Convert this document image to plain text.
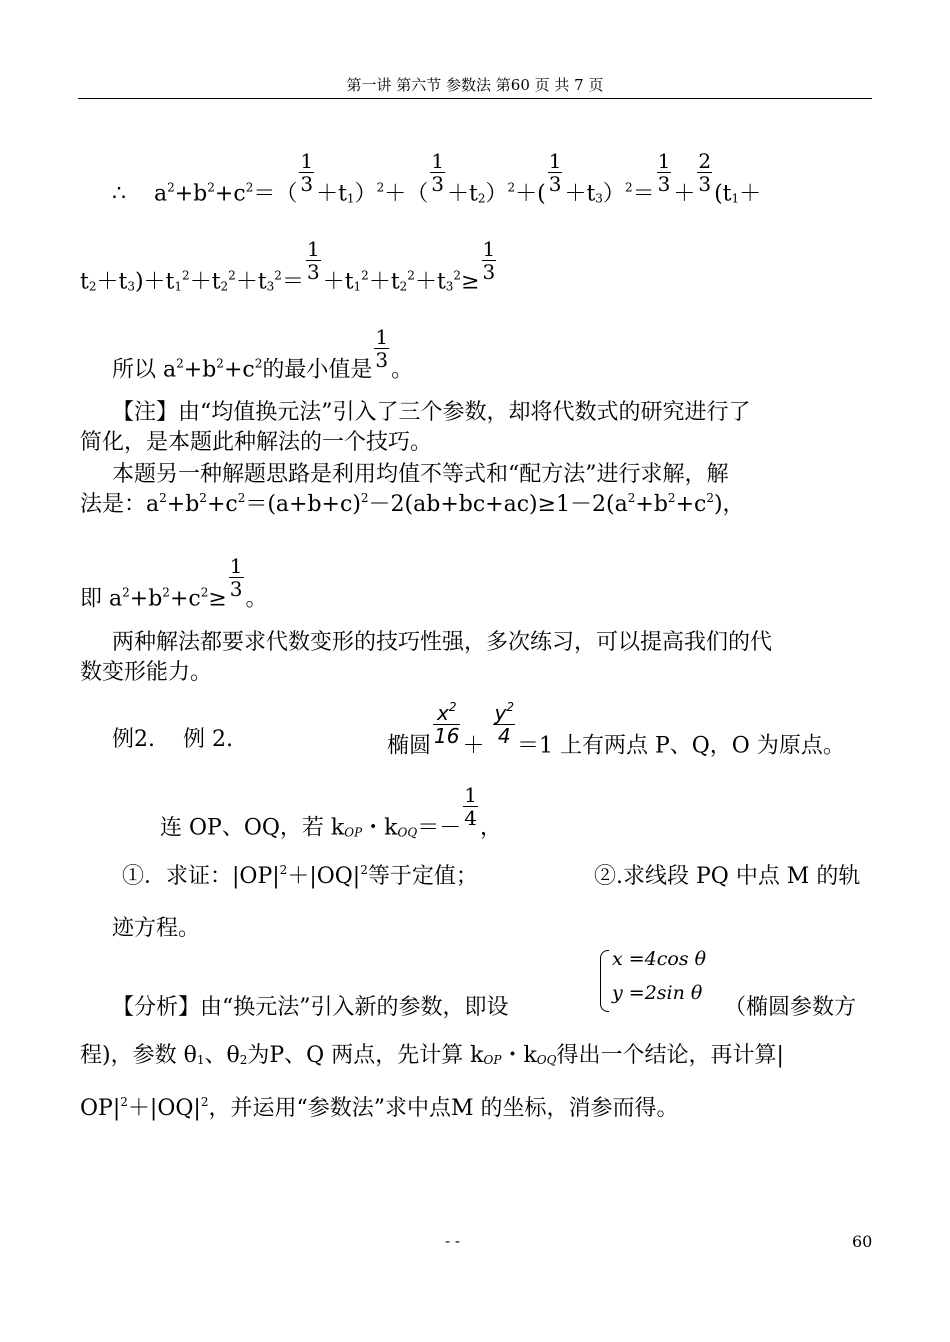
第一讲 第六节 参数法 第60 页 共 7 页
∴ $a^2+b^2+c^2=( \frac{1}{3} +t_1)^2+( \frac{1}{3} +t_2)^2+( \frac{1}{3} +t_3)^2= \frac{1}{3} + \frac{2}{3} (t_1+$
$t_2+t_3)+t_1^2+t_2^2+t_3^2= \frac{1}{3} +t_1^2+t_2^2+t_3^2\ge \frac{1}{3}$
所以 $a^2+b^2+c^2$的最小值是 $\frac{1}{3}$ 。
【注】由“均值换元法”引入了三个参数，却将代数式的研究进行了
简化，是本题此种解法的一个技巧。
本题另一种解题思路是利用均值不等式和“配方法”进行求解，解
法是：$a^2+b^2+c^2=(a+b+c)^2-2(ab+bc+ac)\ge 1-2(a^2+b^2+c^2)$，
即 $a^2+b^2+c^2\ge \frac{1}{3}$ 。
两种解法都要求代数变形的技巧性强，多次练习，可以提高我们的代
数变形能力。
例2. 例 2.	椭圆 $\frac{x^2}{16} + \frac{y^2}{4} =1$ 上有两点 P、Q，O 为原点。
连 OP、OQ，若 $k_{OP}$・$k_{OQ}=- \frac{1}{4}$ ，
①．求证：$|OP|^2+|OQ|^2$等于定值；	②.求线段 PQ 中点 M 的轨
迹方程。
x =4cos θ
y =2sin θ
【分析】由“换元法”引入新的参数，即设	（椭圆参数方
程)，参数 $\theta_1$、$\theta_2$为P、Q 两点，先计算 $k_{OP}$・$k_{OQ}$得出一个结论，再计算|
$OP|^2+|OQ|^2$，并运用“参数法”求中点M 的坐标，消参而得。
- -	60
